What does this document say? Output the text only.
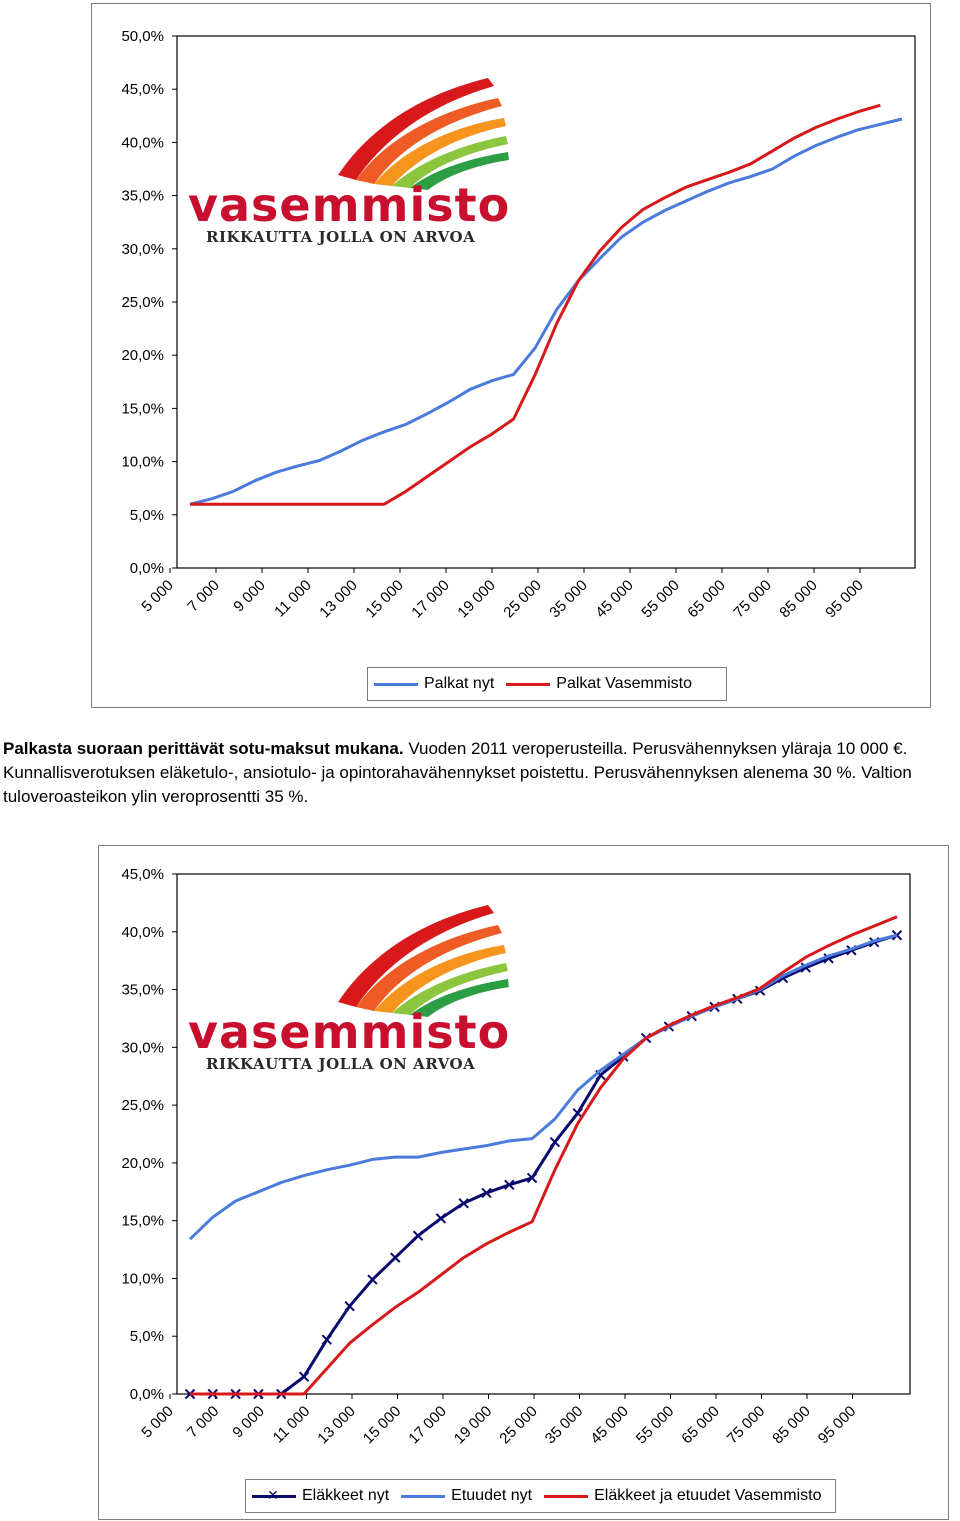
0,0%
5,0%
10,0%
15,0%
20,0%
25,0%
30,0%
35,0%
40,0%
45,0%
50,0%
5 000 7 000 9 000 11 000 13 000 15 000 17 000 19 000 25 000 35 000 45 000 55 000 65 000 75 000 85 000 95 000
vasemmisto
RIKKAUTTA JOLLA ON ARVOA
Palkat nyt	Palkat Vasemmisto
Palkasta suoraan perittävät sotu-maksut mukana. Vuoden 2011 veroperusteilla. Perusvähennyksen yläraja 10 000 €. Kunnallisverotuksen eläketulo-, ansiotulo- ja opintorahavähennykset poistettu. Perusvähennyksen alenema 30 %. Valtion tuloveroasteikon ylin veroprosentti 35 %.
0,0%
5,0%
10,0%
15,0%
20,0%
25,0%
30,0%
35,0%
40,0%
45,0%
5 000 7 000 9 000 11 000 13 000 15 000 17 000 19 000 25 000 35 000 45 000 55 000 65 000 75 000 85 000 95 000
vasemmisto
RIKKAUTTA JOLLA ON ARVOA
✕ Eläkkeet nyt	Etuudet nyt	Eläkkeet ja etuudet Vasemmisto
